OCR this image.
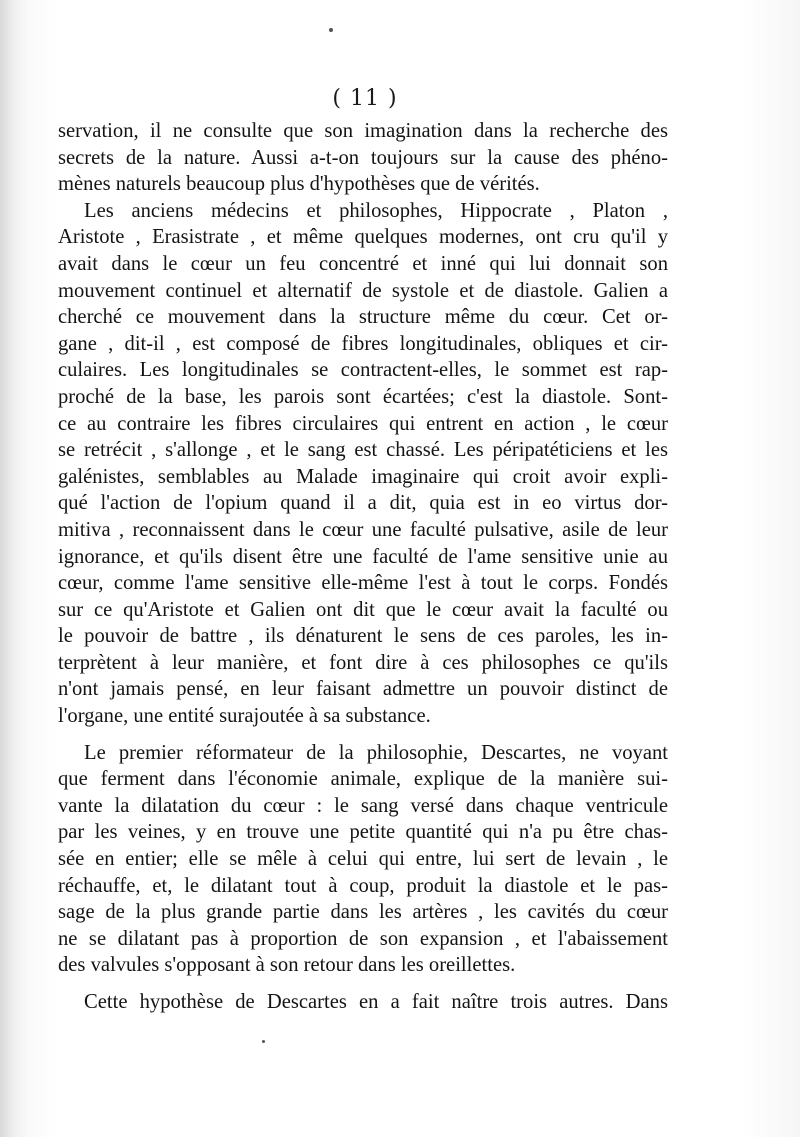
( 11 )
servation, il ne consulte que son imagination dans la recherche des
secrets de la nature. Aussi a-t-on toujours sur la cause des phéno-
mènes naturels beaucoup plus d'hypothèses que de vérités.
Les anciens médecins et philosophes, Hippocrate , Platon ,
Aristote , Erasistrate , et même quelques modernes, ont cru qu'il y
avait dans le cœur un feu concentré et inné qui lui donnait son
mouvement continuel et alternatif de systole et de diastole. Galien a
cherché ce mouvement dans la structure même du cœur. Cet or-
gane , dit-il , est composé de fibres longitudinales, obliques et cir-
culaires. Les longitudinales se contractent-elles, le sommet est rap-
proché de la base, les parois sont écartées; c'est la diastole. Sont-
ce au contraire les fibres circulaires qui entrent en action , le cœur
se retrécit , s'allonge , et le sang est chassé. Les péripatéticiens et les
galénistes, semblables au Malade imaginaire qui croit avoir expli-
qué l'action de l'opium quand il a dit, quia est in eo virtus dor-
mitiva , reconnaissent dans le cœur une faculté pulsative, asile de leur
ignorance, et qu'ils disent être une faculté de l'ame sensitive unie au
cœur, comme l'ame sensitive elle-même l'est à tout le corps. Fondés
sur ce qu'Aristote et Galien ont dit que le cœur avait la faculté ou
le pouvoir de battre , ils dénaturent le sens de ces paroles, les in-
terprètent à leur manière, et font dire à ces philosophes ce qu'ils
n'ont jamais pensé, en leur faisant admettre un pouvoir distinct de
l'organe, une entité surajoutée à sa substance.
Le premier réformateur de la philosophie, Descartes, ne voyant
que ferment dans l'économie animale, explique de la manière sui-
vante la dilatation du cœur : le sang versé dans chaque ventricule
par les veines, y en trouve une petite quantité qui n'a pu être chas-
sée en entier; elle se mêle à celui qui entre, lui sert de levain , le
réchauffe, et, le dilatant tout à coup, produit la diastole et le pas-
sage de la plus grande partie dans les artères , les cavités du cœur
ne se dilatant pas à proportion de son expansion , et l'abaissement
des valvules s'opposant à son retour dans les oreillettes.
Cette hypothèse de Descartes en a fait naître trois autres. Dans
